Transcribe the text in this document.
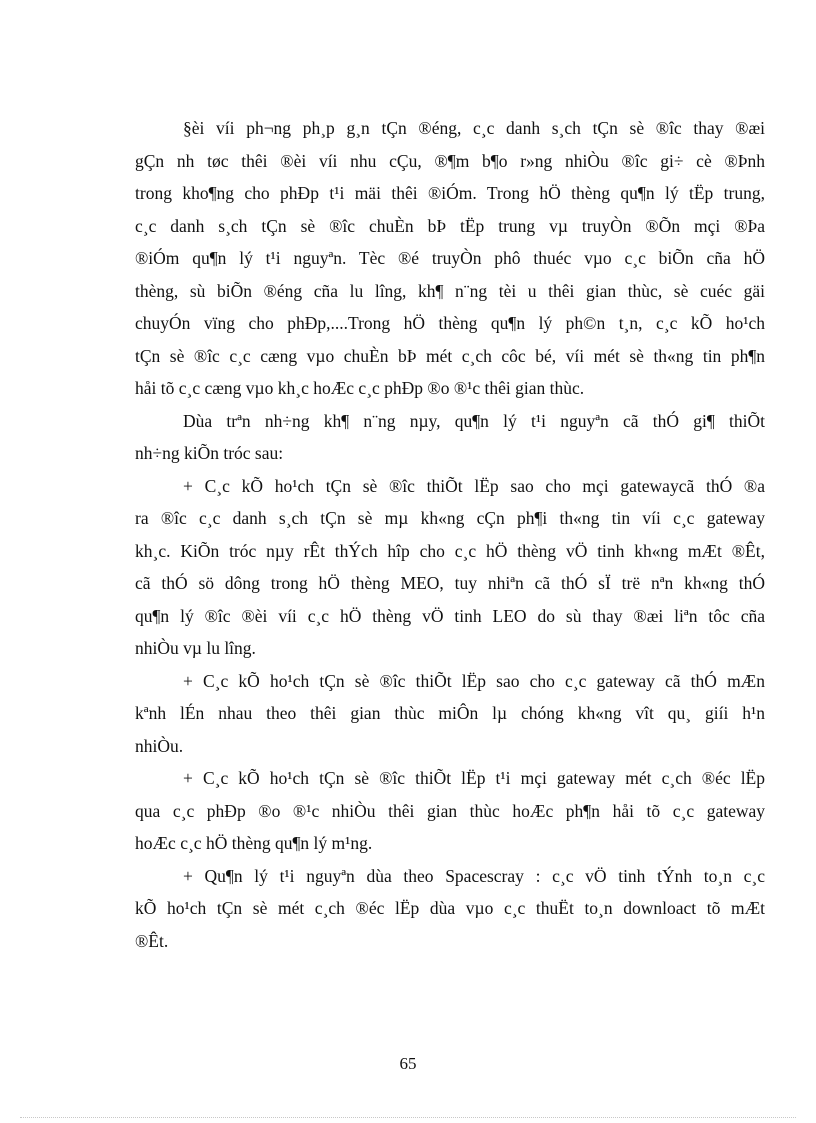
§èi víi ph¬ng ph¸p g¸n tÇn ®éng, c¸c danh s¸ch tÇn sè ®îc thay ®æi
gÇn nh tøc thêi ®èi víi nhu cÇu, ®¶m b¶o r»ng nhiÒu ®îc gi÷ cè ®Þnh
trong kho¶ng cho phÐp t¹i mäi thêi ®iÓm. Trong hÖ thèng qu¶n lý tËp trung,
c¸c danh s¸ch tÇn sè ®îc chuÈn bÞ tËp trung vµ truyÒn ®Õn mçi ®Þa
®iÓm qu¶n lý t¹i nguyªn. Tèc ®é truyÒn phô thuéc vµo c¸c biÕn cña hÖ
thèng, sù biÕn ®éng cña lu lîng, kh¶ n¨ng tèi u thêi gian thùc, sè cuéc gäi
chuyÓn vïng cho phÐp,....Trong hÖ thèng qu¶n lý ph©n t¸n, c¸c kÕ ho¹ch
tÇn sè ®îc c¸c cæng vµo chuÈn bÞ mét c¸ch côc bé, víi mét sè th«ng tin ph¶n
håi tõ c¸c cæng vµo kh¸c hoÆc c¸c phÐp ®o ®¹c thêi gian thùc.
Dùa trªn nh÷ng kh¶ n¨ng nµy, qu¶n lý t¹i nguyªn cã thÓ gi¶ thiÕt
nh÷ng kiÕn tróc sau:
+ C¸c kÕ ho¹ch tÇn sè ®îc thiÕt lËp sao cho mçi gatewaycã thÓ ®a
ra ®îc c¸c danh s¸ch tÇn sè mµ kh«ng cÇn ph¶i th«ng tin víi c¸c gateway
kh¸c. KiÕn tróc nµy rÊt thÝch hîp cho c¸c hÖ thèng vÖ tinh kh«ng mÆt ®Êt,
cã thÓ sö dông trong hÖ thèng MEO, tuy nhiªn cã thÓ sÏ trë nªn kh«ng thÓ
qu¶n lý ®îc ®èi víi c¸c hÖ thèng vÖ tinh LEO do sù thay ®æi liªn tôc cña
nhiÒu vµ lu lîng.
+ C¸c kÕ ho¹ch tÇn sè ®îc thiÕt lËp sao cho c¸c gateway cã thÓ mÆn
kªnh lÉn nhau theo thêi gian thùc miÔn lµ chóng kh«ng vît qu¸ giíi h¹n
nhiÒu.
+ C¸c kÕ ho¹ch tÇn sè ®îc thiÕt lËp t¹i mçi gateway mét c¸ch ®éc lËp
qua c¸c phÐp ®o ®¹c nhiÒu thêi gian thùc hoÆc ph¶n håi tõ c¸c gateway
hoÆc c¸c hÖ thèng qu¶n lý m¹ng.
+ Qu¶n lý t¹i nguyªn dùa theo Spacescray : c¸c vÖ tinh tÝnh to¸n c¸c
kÕ ho¹ch tÇn sè mét c¸ch ®éc lËp dùa vµo c¸c thuËt to¸n downloact tõ mÆt
®Êt.
65
